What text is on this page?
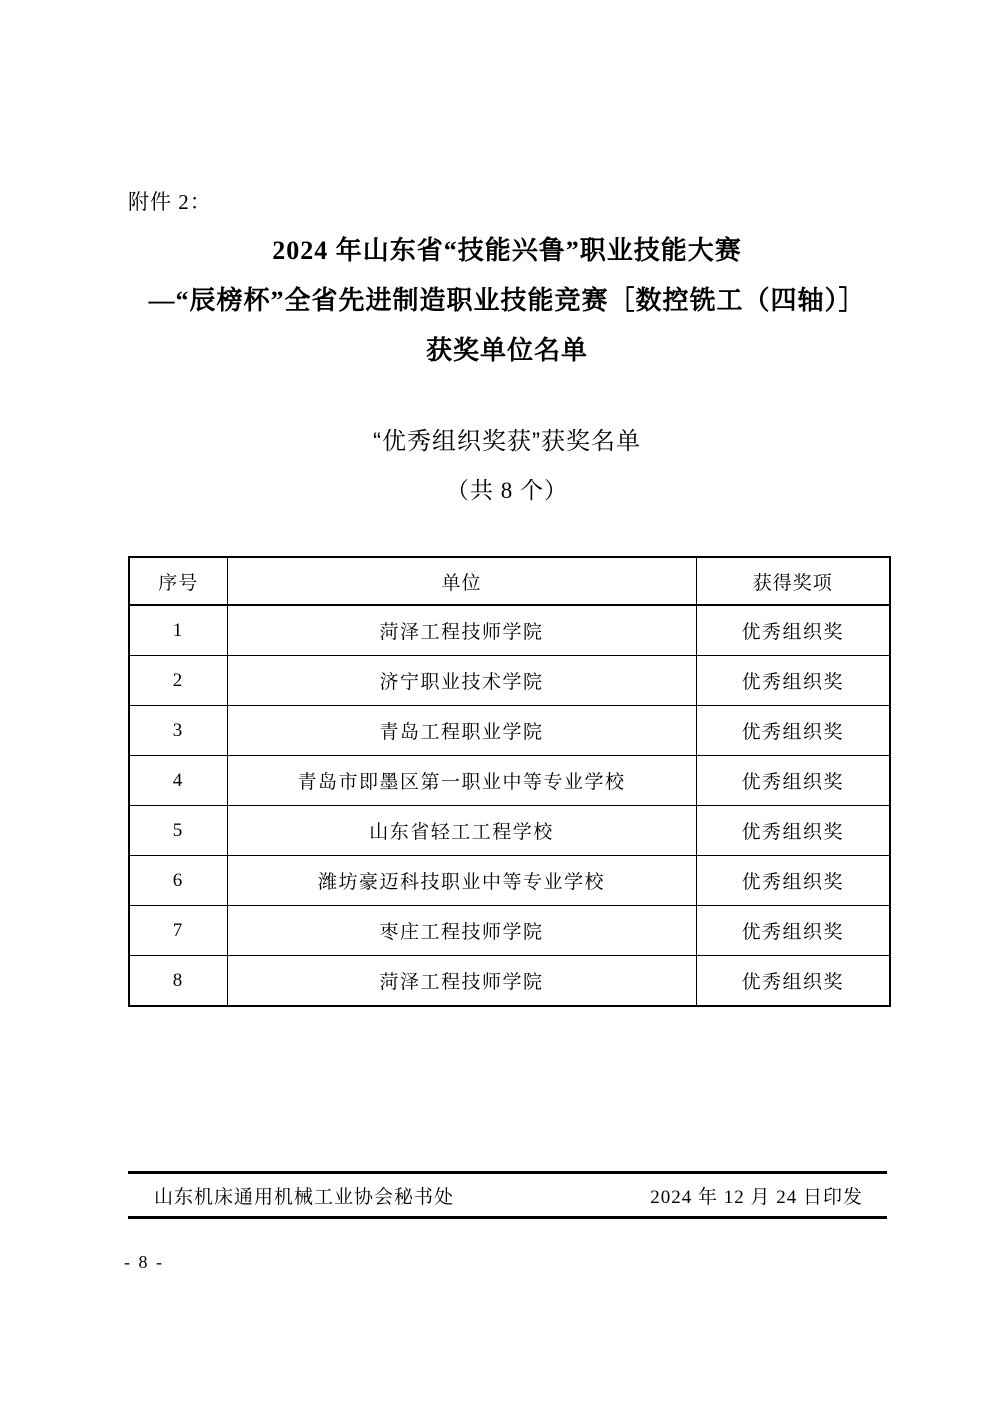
附件 2：
2024 年山东省“技能兴鲁”职业技能大赛
—“辰榜杯”全省先进制造职业技能竞赛［数控铣工（四轴）］
获奖单位名单
“优秀组织奖获”获奖名单
（共 8 个）
序号	单位	获得奖项
1	菏泽工程技师学院	优秀组织奖
2	济宁职业技术学院	优秀组织奖
3	青岛工程职业学院	优秀组织奖
4	青岛市即墨区第一职业中等专业学校	优秀组织奖
5	山东省轻工工程学校	优秀组织奖
6	潍坊豪迈科技职业中等专业学校	优秀组织奖
7	枣庄工程技师学院	优秀组织奖
8	菏泽工程技师学院	优秀组织奖
山东机床通用机械工业协会秘书处	2024 年 12 月 24 日印发
- 8 -
